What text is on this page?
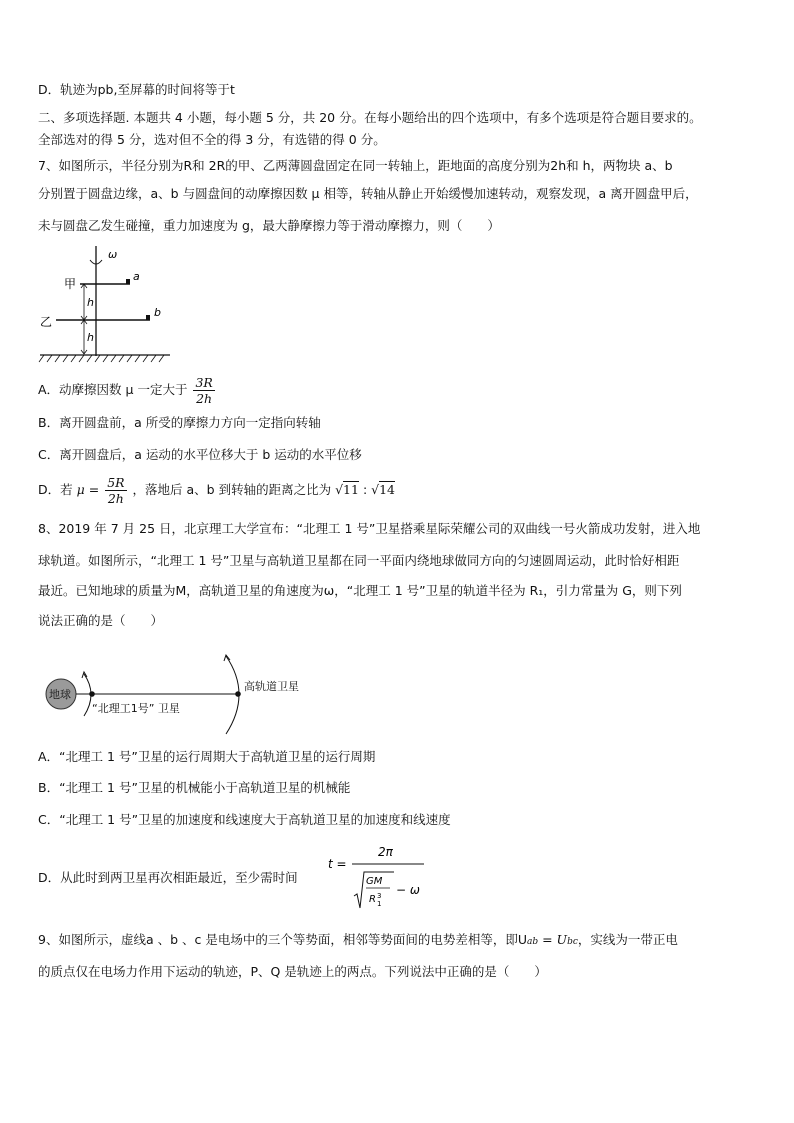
D．轨迹为pb,至屏幕的时间将等于t
二、多项选择题. 本题共 4 小题，每小题 5 分，共 20 分。在每小题给出的四个选项中，有多个选项是符合题目要求的。
全部选对的得 5 分，选对但不全的得 3 分，有选错的得 0 分。
7、如图所示，半径分别为R和 2R的甲、乙两薄圆盘固定在同一转轴上，距地面的高度分别为2h和 h，两物块 a、b
分别置于圆盘边缘，a、b 与圆盘间的动摩擦因数 μ 相等，转轴从静止开始缓慢加速转动，观察发现，a 离开圆盘甲后，
未与圆盘乙发生碰撞，重力加速度为 g，最大静摩擦力等于滑动摩擦力，则（　　）
ω
a
甲
b
乙
h
h
A．动摩擦因数 μ 一定大于 $\frac{3R}{2h}$
B．离开圆盘前，a 所受的摩擦力方向一定指向转轴
C．离开圆盘后，a 运动的水平位移大于 b 运动的水平位移
D．若 $\mu = \frac{5R}{2h}$ ，落地后 a、b 到转轴的距离之比为 √11 : √14
8、2019 年 7 月 25 日，北京理工大学宣布：“北理工 1 号”卫星搭乘星际荣耀公司的双曲线一号火箭成功发射，进入地
球轨道。如图所示，“北理工 1 号”卫星与高轨道卫星都在同一平面内绕地球做同方向的匀速圆周运动，此时恰好相距
最近。已知地球的质量为M，高轨道卫星的角速度为ω，“北理工 1 号”卫星的轨道半径为 R₁，引力常量为 G，则下列
说法正确的是（　　）
地球
高轨道卫星
“北理工1号” 卫星
A．“北理工 1 号”卫星的运行周期大于高轨道卫星的运行周期
B．“北理工 1 号”卫星的机械能小于高轨道卫星的机械能
C．“北理工 1 号”卫星的加速度和线速度大于高轨道卫星的加速度和线速度
D．从此时到两卫星再次相距最近，至少需时间
t =
2π
GM
R 3
1
− ω
9、如图所示，虚线a 、b 、c 是电场中的三个等势面，相邻等势面间的电势差相等，即Uab = Ubc，实线为一带正电
的质点仅在电场力作用下运动的轨迹，P、Q 是轨迹上的两点。下列说法中正确的是（　　）
